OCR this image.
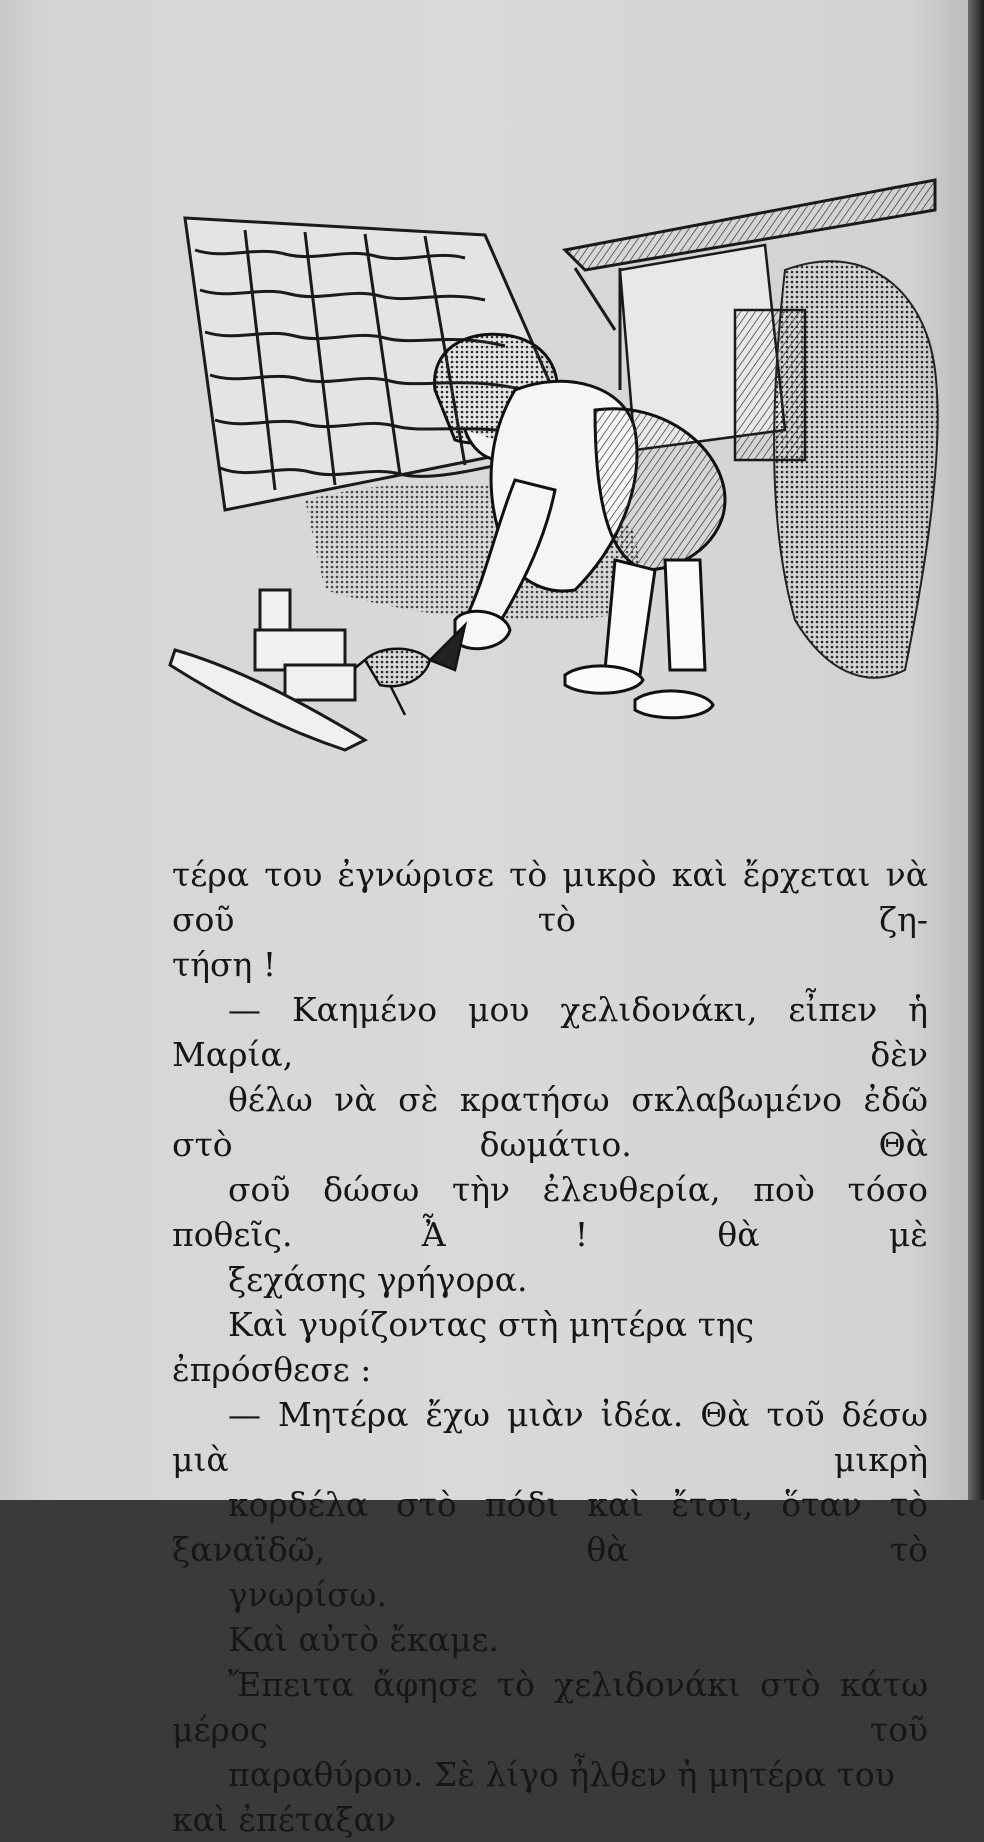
τέρα του ἐγνώρισε τὸ μικρὸ καὶ ἔρχεται νὰ σοῦ τὸ ζη-
τήση !

— Καημένο μου χελιδονάκι, εἶπεν ἡ Μαρία, δὲν
θέλω νὰ σὲ κρατήσω σκλαβωμένο ἐδῶ στὸ δωμάτιο. Θὰ
σοῦ δώσω τὴν ἐλευθερία, ποὺ τόσο ποθεῖς. Ἆ ! θὰ μὲ
ξεχάσης γρήγορα.

Καὶ γυρίζοντας στὴ μητέρα της ἐπρόσθεσε :

— Μητέρα ἔχω μιὰν ἰδέα. Θὰ τοῦ δέσω μιὰ μικρὴ
κορδέλα στὸ πόδι καὶ ἔτσι, ὅταν τὸ ξαναϊδῶ, θὰ τὸ
γνωρίσω.

Καὶ αὐτὸ ἔκαμε.

Ἔπειτα ἄφησε τὸ χελιδονάκι στὸ κάτω μέρος τοῦ
παραθύρου. Σὲ λίγο ἦλθεν ἡ μητέρα του καὶ ἐπέταξαν
